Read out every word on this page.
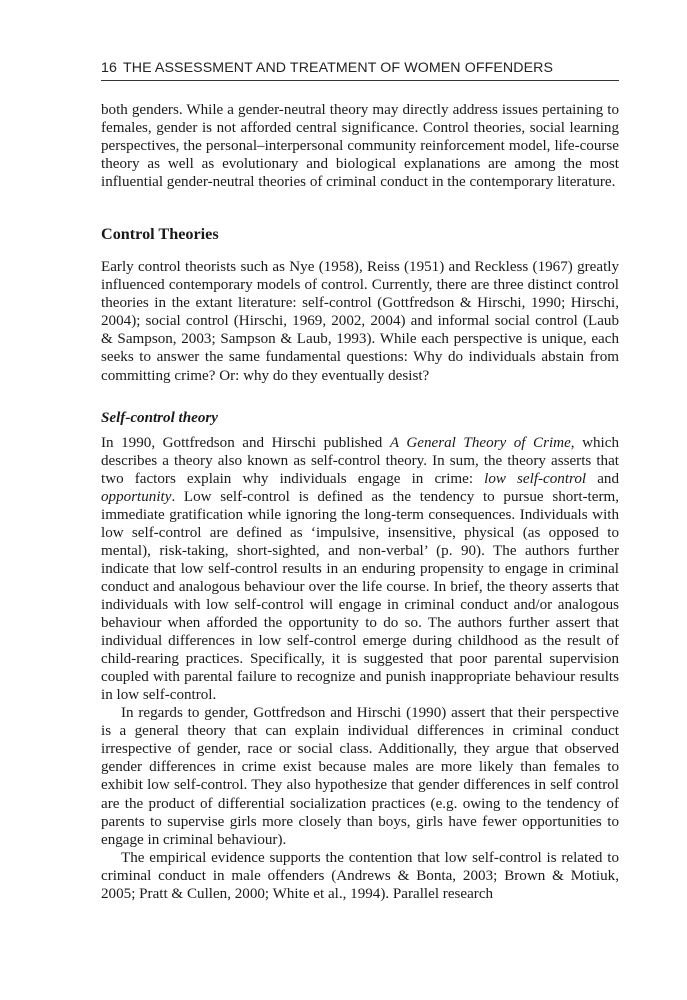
16 THE ASSESSMENT AND TREATMENT OF WOMEN OFFENDERS

both genders. While a gender-neutral theory may directly address issues pertaining to females, gender is not afforded central significance. Control theories, social learning perspectives, the personal–interpersonal community reinforcement model, life-course theory as well as evolutionary and biological explanations are among the most influential gender-neutral theories of criminal conduct in the contemporary literature.

Control Theories

Early control theorists such as Nye (1958), Reiss (1951) and Reckless (1967) greatly influenced contemporary models of control. Currently, there are three distinct control theories in the extant literature: self-control (Gottfredson & Hirschi, 1990; Hirschi, 2004); social control (Hirschi, 1969, 2002, 2004) and informal social control (Laub & Sampson, 2003; Sampson & Laub, 1993). While each perspective is unique, each seeks to answer the same fundamental questions: Why do individuals abstain from committing crime? Or: why do they eventually desist?

Self-control theory

In 1990, Gottfredson and Hirschi published A General Theory of Crime, which describes a theory also known as self-control theory. In sum, the theory asserts that two factors explain why individuals engage in crime: low self-control and opportunity. Low self-control is defined as the tendency to pursue short-term, immediate gratification while ignoring the long-term consequences. Individuals with low self-control are defined as ‘impulsive, insensitive, physical (as opposed to mental), risk-taking, short-sighted, and non-verbal’ (p. 90). The authors further indicate that low self-control results in an enduring propensity to engage in criminal conduct and analogous behaviour over the life course. In brief, the theory asserts that individuals with low self-control will engage in criminal conduct and/or analogous behaviour when afforded the opportunity to do so. The authors further assert that individual differences in low self-control emerge during childhood as the result of child-rearing practices. Specifically, it is suggested that poor parental supervision coupled with parental failure to recognize and punish inappropriate behaviour results in low self-control.

In regards to gender, Gottfredson and Hirschi (1990) assert that their perspective is a general theory that can explain individual differences in criminal conduct irrespective of gender, race or social class. Additionally, they argue that observed gender differences in crime exist because males are more likely than females to exhibit low self-control. They also hypothesize that gender differences in self control are the product of differential socialization practices (e.g. owing to the tendency of parents to supervise girls more closely than boys, girls have fewer opportunities to engage in criminal behaviour).

The empirical evidence supports the contention that low self-control is related to criminal conduct in male offenders (Andrews & Bonta, 2003; Brown & Motiuk, 2005; Pratt & Cullen, 2000; White et al., 1994). Parallel research
